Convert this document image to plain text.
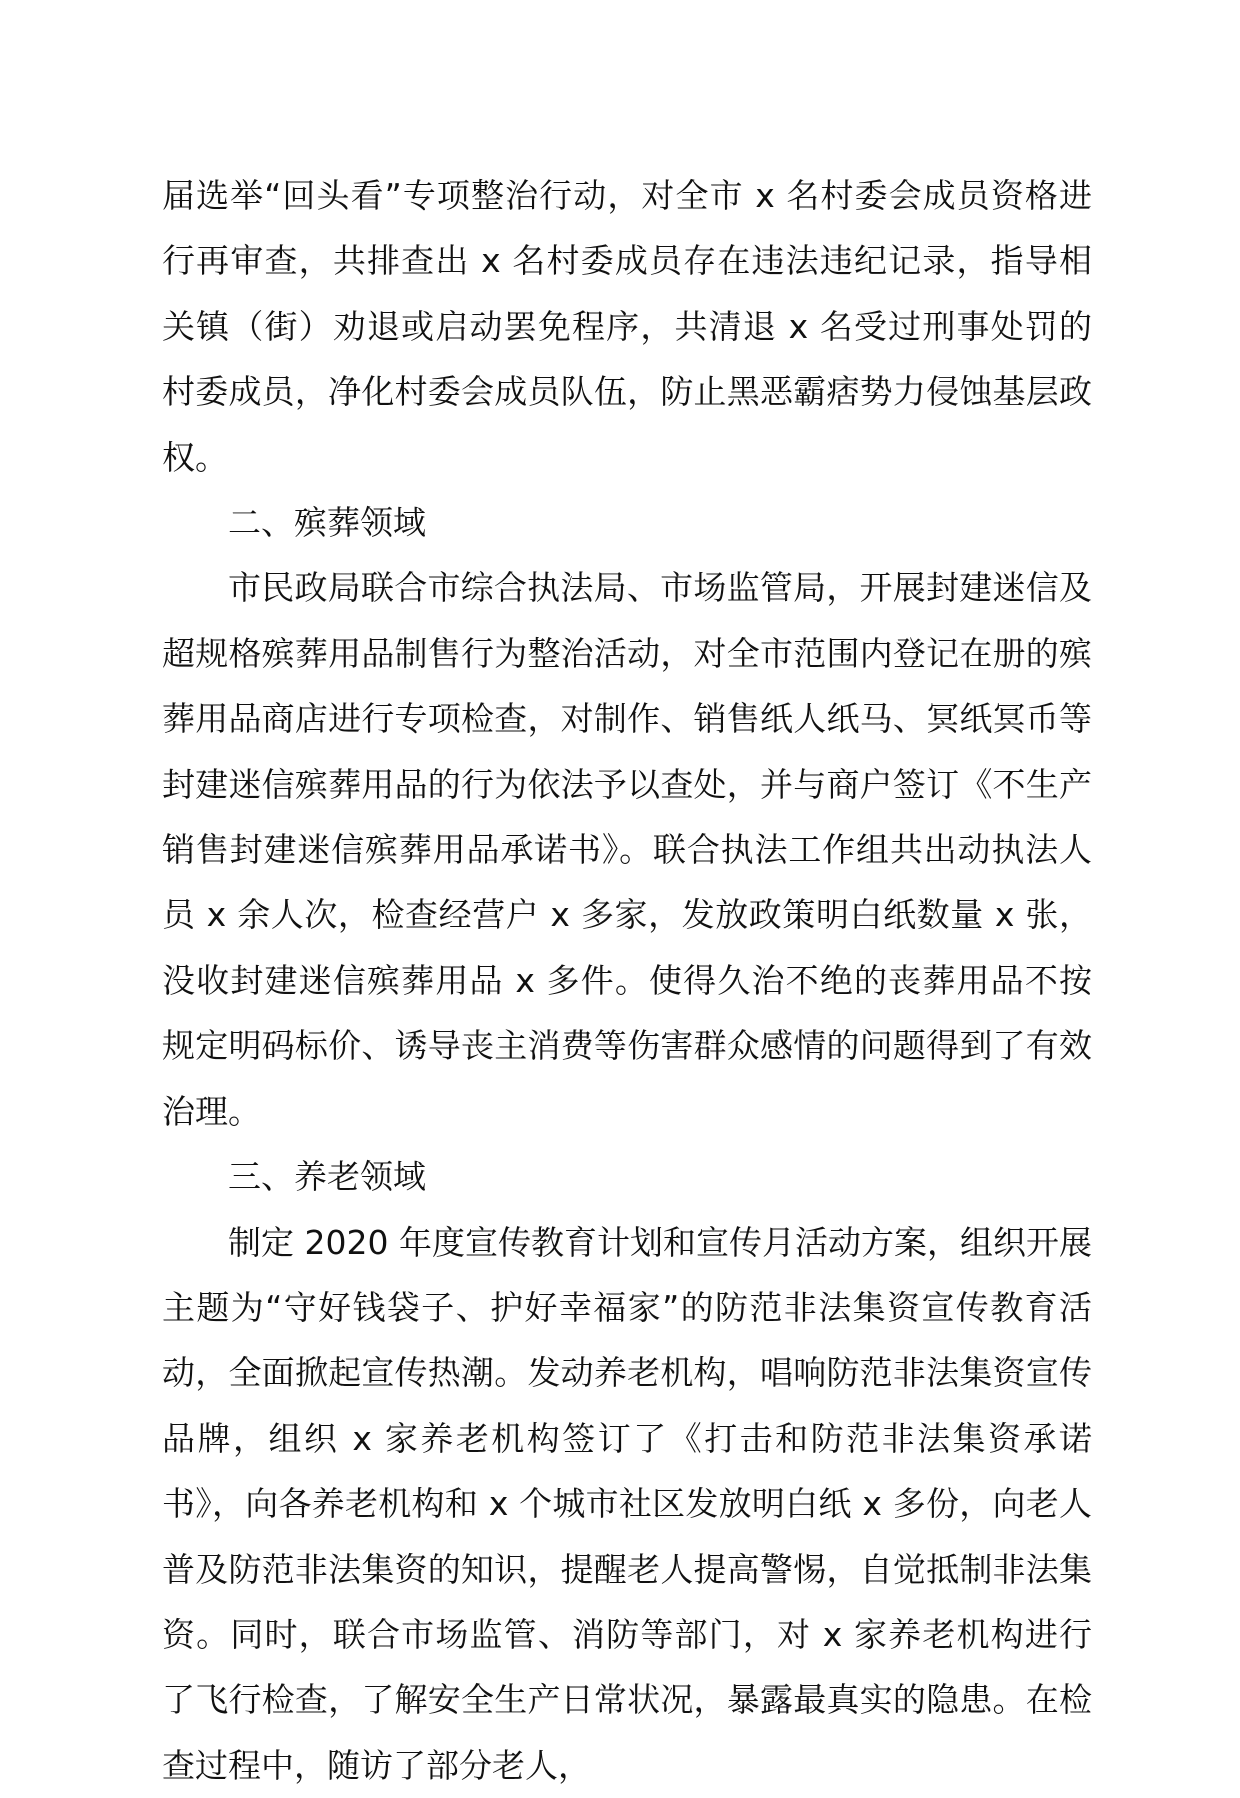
届选举“回头看”专项整治行动，对全市 x 名村委会成员资格进行再审查，共排查出 x 名村委成员存在违法违纪记录，指导相关镇（街）劝退或启动罢免程序，共清退 x 名受过刑事处罚的村委成员，净化村委会成员队伍，防止黑恶霸痞势力侵蚀基层政权。

二、殡葬领域

市民政局联合市综合执法局、市场监管局，开展封建迷信及超规格殡葬用品制售行为整治活动，对全市范围内登记在册的殡葬用品商店进行专项检查，对制作、销售纸人纸马、冥纸冥币等封建迷信殡葬用品的行为依法予以查处，并与商户签订《不生产销售封建迷信殡葬用品承诺书》。联合执法工作组共出动执法人员 x 余人次，检查经营户 x 多家，发放政策明白纸数量 x 张，没收封建迷信殡葬用品 x 多件。使得久治不绝的丧葬用品不按规定明码标价、诱导丧主消费等伤害群众感情的问题得到了有效治理。

三、养老领域

制定 2020 年度宣传教育计划和宣传月活动方案，组织开展主题为“守好钱袋子、护好幸福家”的防范非法集资宣传教育活动，全面掀起宣传热潮。发动养老机构，唱响防范非法集资宣传品牌，组织 x 家养老机构签订了《打击和防范非法集资承诺书》，向各养老机构和 x 个城市社区发放明白纸 x 多份，向老人普及防范非法集资的知识，提醒老人提高警惕，自觉抵制非法集资。同时，联合市场监管、消防等部门，对 x 家养老机构进行了飞行检查，了解安全生产日常状况，暴露最真实的隐患。在检查过程中，随访了部分老人，
